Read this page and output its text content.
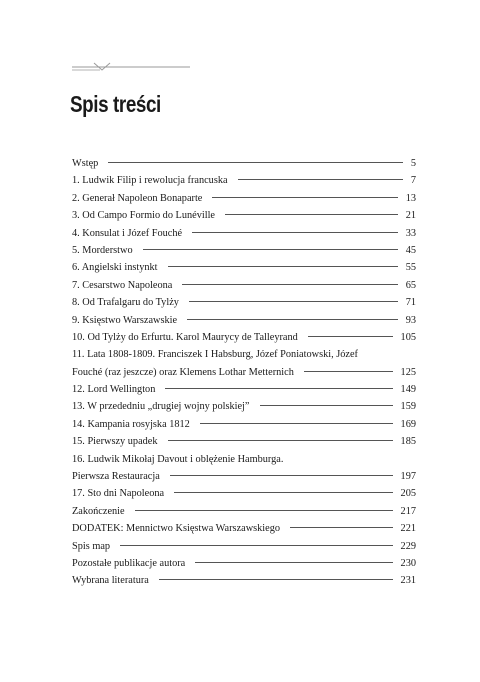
Spis treści
Wstęp	5
1. Ludwik Filip i rewolucja francuska	7
2. Generał Napoleon Bonaparte	13
3. Od Campo Formio do Lunéville	21
4. Konsulat i Józef Fouché	33
5. Morderstwo	45
6. Angielski instynkt	55
7. Cesarstwo Napoleona	65
8. Od Trafalgaru do Tylży	71
9. Księstwo Warszawskie	93
10. Od Tylży do Erfurtu. Karol Maurycy de Talleyrand	105
11. Lata 1808-1809. Franciszek I Habsburg, Józef Poniatowski, Józef
Fouché (raz jeszcze) oraz Klemens Lothar Metternich	125
12. Lord Wellington	149
13. W przededniu „drugiej wojny polskiej”	159
14. Kampania rosyjska 1812	169
15. Pierwszy upadek	185
16. Ludwik Mikołaj Davout i oblężenie Hamburga.
Pierwsza Restauracja	197
17. Sto dni Napoleona	205
Zakończenie	217
DODATEK: Mennictwo Księstwa Warszawskiego	221
Spis map	229
Pozostałe publikacje autora	230
Wybrana literatura	231
